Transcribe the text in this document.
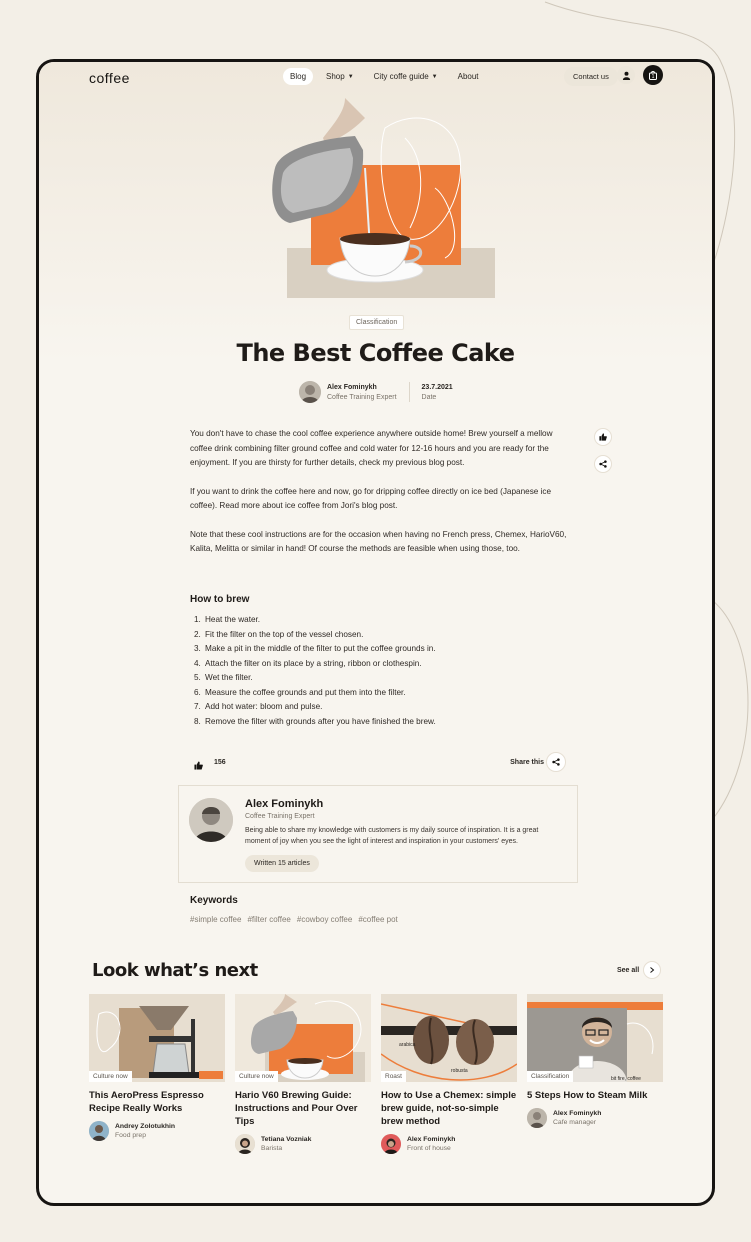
coffee	Blog	Shop ▼	City coffe guide ▼	About	Contact us	1
Classification
The Best Coffee Cake
Alex Fominykh
Coffee Training Expert
23.7.2021
Date

You don't have to chase the cool coffee experience anywhere outside home! Brew yourself a mellow coffee drink combining filter ground coffee and cold water for 12-16 hours and you are ready for the enjoyment. If you are thirsty for further details, check my previous blog post.

If you want to drink the coffee here and now, go for dripping coffee directly on ice bed (Japanese ice coffee). Read more about ice coffee from Jori's blog post.

Note that these cool instructions are for the occasion when having no French press, Chemex, HarioV60, Kalita, Melitta or similar in hand! Of course the methods are feasible when using those, too.

How to brew
1. Heat the water.
2. Fit the filter on the top of the vessel chosen.
3. Make a pit in the middle of the filter to put the coffee grounds in.
4. Attach the filter on its place by a string, ribbon or clothespin.
5. Wet the filter.
6. Measure the coffee grounds and put them into the filter.
7. Add hot water: bloom and pulse.
8. Remove the filter with grounds after you have finished the brew.
156	Share this
Alex Fominykh
Coffee Training Expert
Being able to share my knowledge with customers is my daily source of inspiration. It is a great moment of joy when you see the light of interest and inspiration in your customers' eyes.
Written 15 articles
Keywords
#simple coffee #filter coffee #cowboy coffee #coffee pot
Look what’s next	See all
Culture now
This AeroPress Espresso Recipe Really Works
Andrey Zolotukhin
Food prep
Culture now
Hario V60 Brewing Guide: Instructions and Pour Over Tips
Tetiana Vozniak
Barista
arabica
robusta
Roast
How to Use a Chemex: simple brew guide, not-so-simple brew method
Alex Fominykh
Front of house
bit fire, coffee
Classification
5 Steps How to Steam Milk
Alex Fominykh
Cafe manager
